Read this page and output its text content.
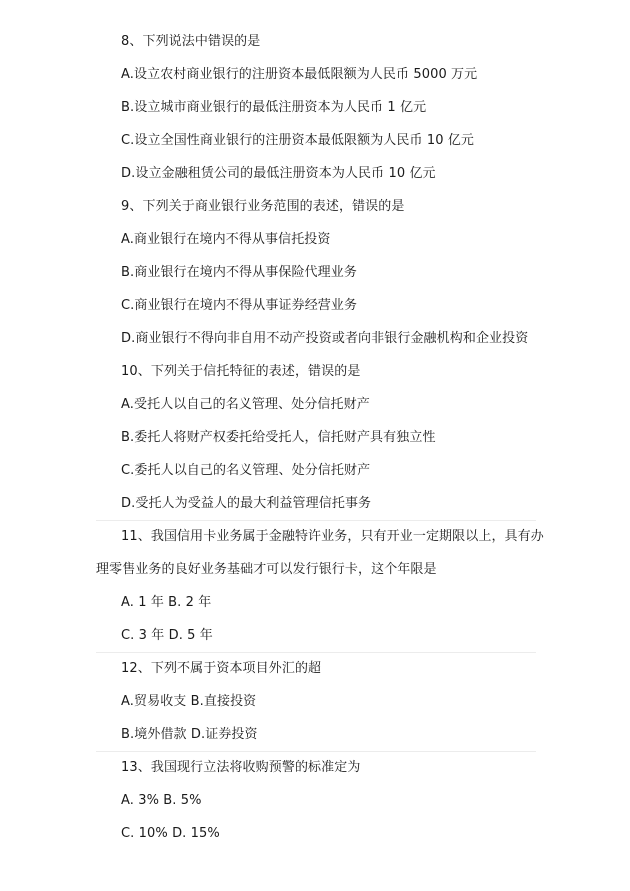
8、下列说法中错误的是
A.设立农村商业银行的注册资本最低限额为人民币 5000 万元
B.设立城市商业银行的最低注册资本为人民币 1 亿元
C.设立全国性商业银行的注册资本最低限额为人民币 10 亿元
D.设立金融租赁公司的最低注册资本为人民币 10 亿元
9、下列关于商业银行业务范围的表述，错误的是
A.商业银行在境内不得从事信托投资
B.商业银行在境内不得从事保险代理业务
C.商业银行在境内不得从事证券经营业务
D.商业银行不得向非自用不动产投资或者向非银行金融机构和企业投资
10、下列关于信托特征的表述，错误的是
A.受托人以自己的名义管理、处分信托财产
B.委托人将财产权委托给受托人，信托财产具有独立性
C.委托人以自己的名义管理、处分信托财产
D.受托人为受益人的最大利益管理信托事务
11、我国信用卡业务属于金融特许业务，只有开业一定期限以上，具有办
理零售业务的良好业务基础才可以发行银行卡，这个年限是
A. 1 年 B. 2 年
C. 3 年 D. 5 年
12、下列不属于资本项目外汇的超
A.贸易收支 B.直接投资
B.境外借款 D.证券投资
13、我国现行立法将收购预警的标准定为
A. 3% B. 5%
C. 10% D. 15%
